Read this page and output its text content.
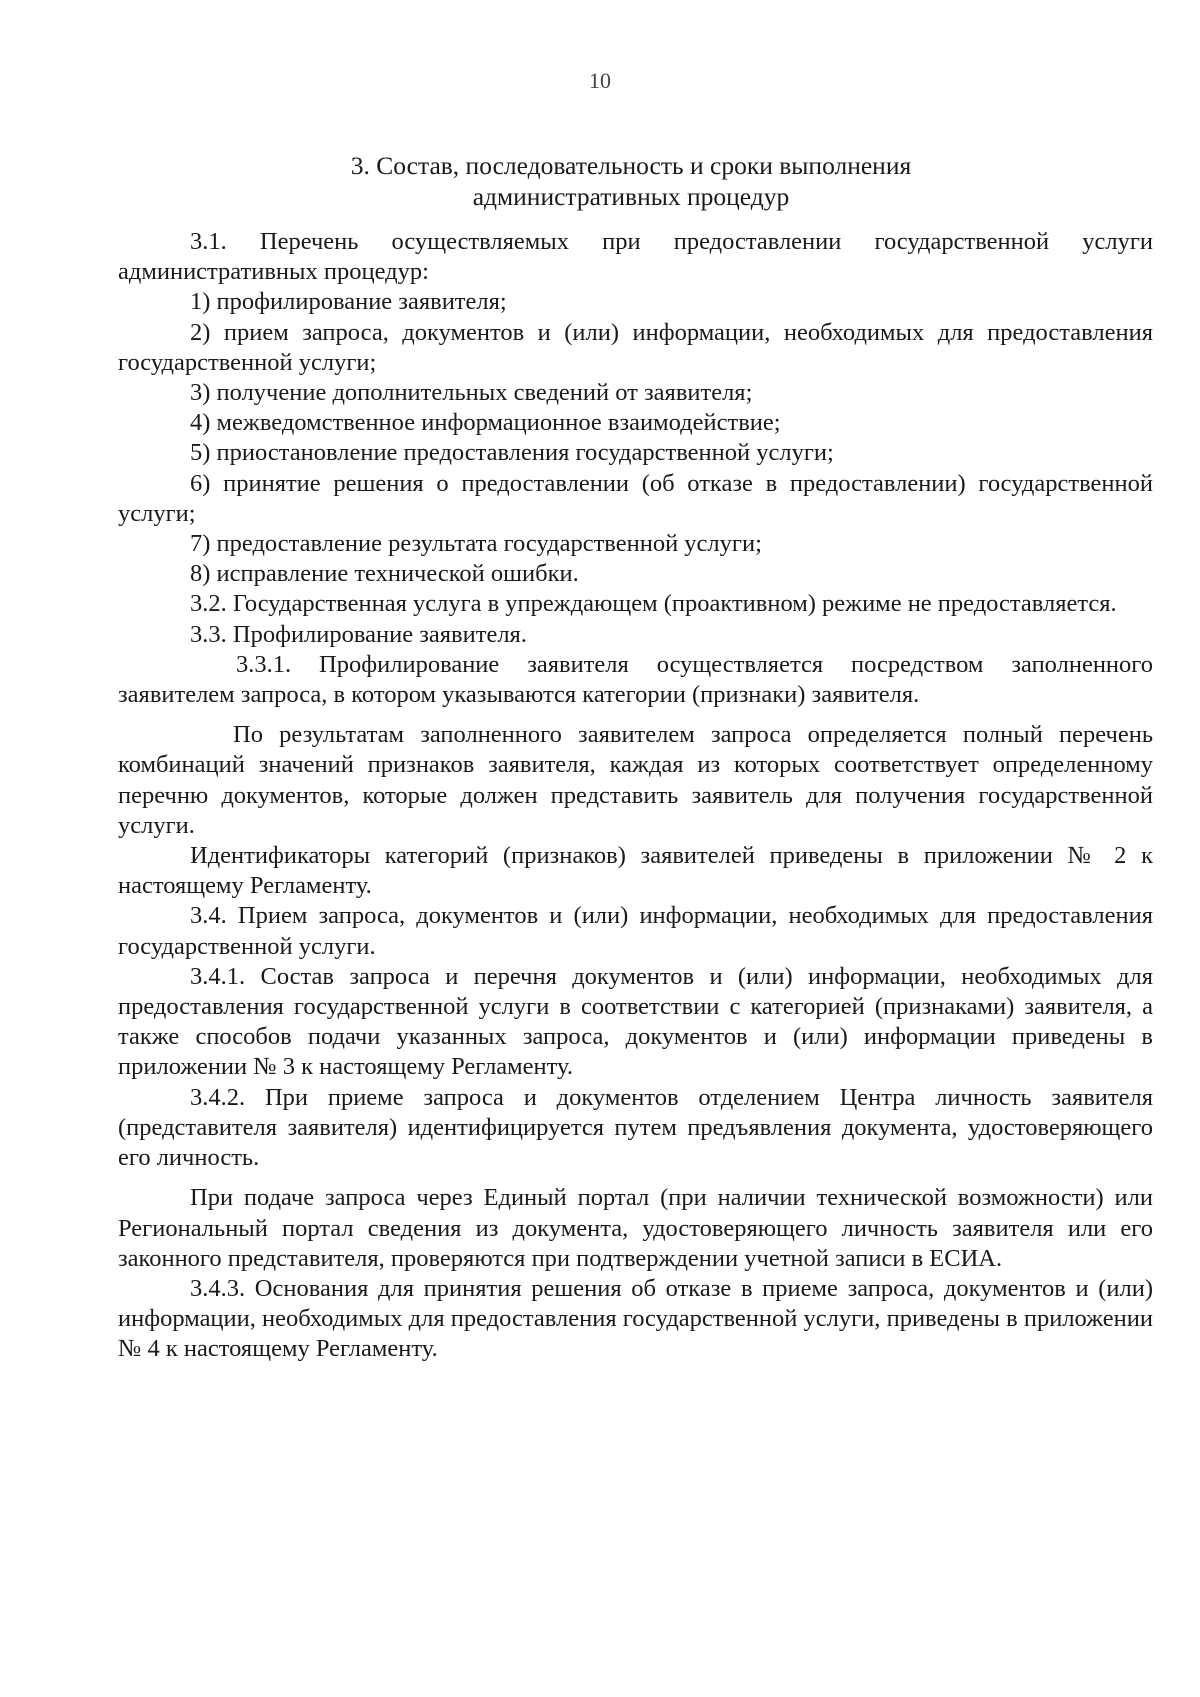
10
3. Состав, последовательность и сроки выполнения
административных процедур

3.1. Перечень осуществляемых при предоставлении государственной услуги административных процедур:

1) профилирование заявителя;

2) прием запроса, документов и (или) информации, необходимых для предоставления государственной услуги;

3) получение дополнительных сведений от заявителя;

4) межведомственное информационное взаимодействие;

5) приостановление предоставления государственной услуги;

6) принятие решения о предоставлении (об отказе в предоставлении) государственной услуги;

7) предоставление результата государственной услуги;

8) исправление технической ошибки.

3.2. Государственная услуга в упреждающем (проактивном) режиме не предоставляется.

3.3. Профилирование заявителя.

3.3.1. Профилирование заявителя осуществляется посредством заполненного заявителем запроса, в котором указываются категории (признаки) заявителя.

По результатам заполненного заявителем запроса определяется полный перечень комбинаций значений признаков заявителя, каждая из которых соответствует определенному перечню документов, которые должен представить заявитель для получения государственной услуги.

Идентификаторы категорий (признаков) заявителей приведены в приложении № 2 к настоящему Регламенту.

3.4. Прием запроса, документов и (или) информации, необходимых для предоставления государственной услуги.

3.4.1. Состав запроса и перечня документов и (или) информации, необходимых для предоставления государственной услуги в соответствии с категорией (признаками) заявителя, а также способов подачи указанных запроса, документов и (или) информации приведены в приложении № 3 к настоящему Регламенту.

3.4.2. При приеме запроса и документов отделением Центра личность заявителя (представителя заявителя) идентифицируется путем предъявления документа, удостоверяющего его личность.

При подаче запроса через Единый портал (при наличии технической возможности) или Региональный портал сведения из документа, удостоверяющего личность заявителя или его законного представителя, проверяются при подтверждении учетной записи в ЕСИА.

3.4.3. Основания для принятия решения об отказе в приеме запроса, документов и (или) информации, необходимых для предоставления государственной услуги, приведены в приложении № 4 к настоящему Регламенту.
